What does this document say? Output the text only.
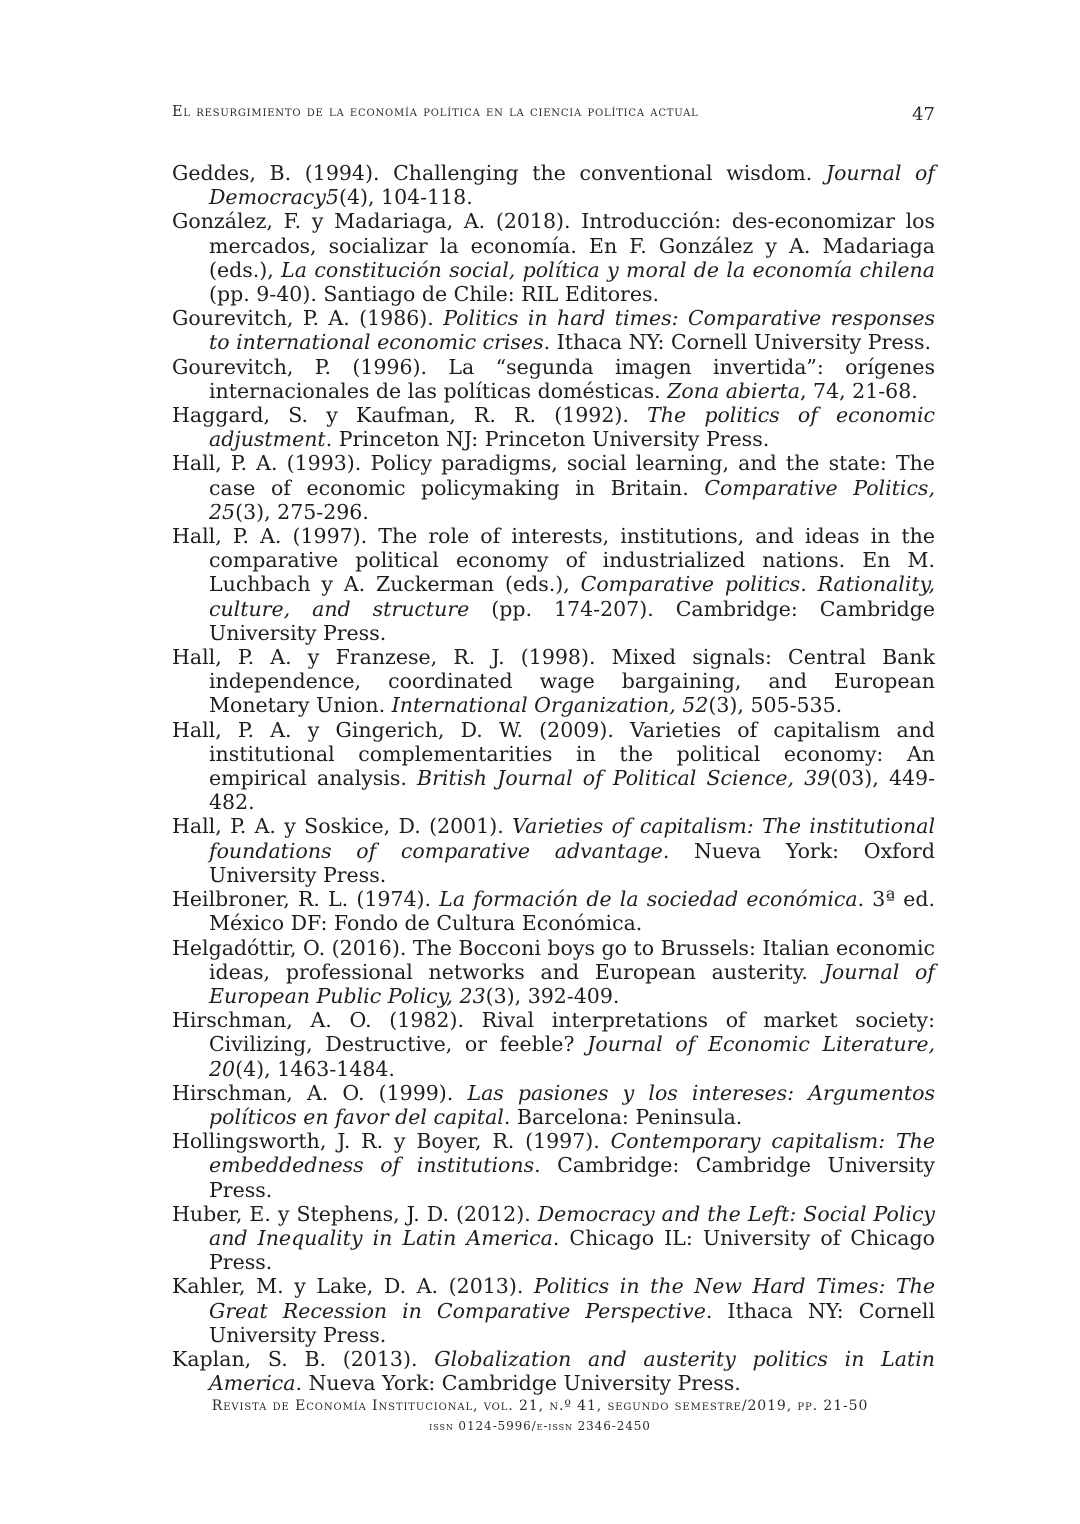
El resurgimiento de la economía política en la ciencia política actual	47
Geddes, B. (1994). Challenging the conventional wisdom. Journal of Democracy5(4), 104-118.
González, F. y Madariaga, A. (2018). Introducción: des-economizar los mercados, socializar la economía. En F. González y A. Madariaga (eds.), La constitución social, política y moral de la economía chilena (pp. 9-40). Santiago de Chile: RIL Editores.
Gourevitch, P. A. (1986). Politics in hard times: Comparative responses to international economic crises. Ithaca NY: Cornell University Press.
Gourevitch, P. (1996). La “segunda imagen invertida”: orígenes internacionales de las políticas domésticas. Zona abierta, 74, 21-68.
Haggard, S. y Kaufman, R. R. (1992). The politics of economic adjustment. Princeton NJ: Princeton University Press.
Hall, P. A. (1993). Policy paradigms, social learning, and the state: The case of economic policymaking in Britain. Comparative Politics, 25(3), 275-296.
Hall, P. A. (1997). The role of interests, institutions, and ideas in the comparative political economy of industrialized nations. En M. Luchbach y A. Zuckerman (eds.), Comparative politics. Rationality, culture, and structure (pp. 174-207). Cambridge: Cambridge University Press.
Hall, P. A. y Franzese, R. J. (1998). Mixed signals: Central Bank independence, coordinated wage bargaining, and European Monetary Union. International Organization, 52(3), 505-535.
Hall, P. A. y Gingerich, D. W. (2009). Varieties of capitalism and institutional complementarities in the political economy: An empirical analysis. British Journal of Political Science, 39(03), 449-482.
Hall, P. A. y Soskice, D. (2001). Varieties of capitalism: The institutional foundations of comparative advantage. Nueva York: Oxford University Press.
Heilbroner, R. L. (1974). La formación de la sociedad económica. 3ª ed. México DF: Fondo de Cultura Económica.
Helgadóttir, O. (2016). The Bocconi boys go to Brussels: Italian economic ideas, professional networks and European austerity. Journal of European Public Policy, 23(3), 392-409.
Hirschman, A. O. (1982). Rival interpretations of market society: Civilizing, Destructive, or feeble? Journal of Economic Literature, 20(4), 1463-1484.
Hirschman, A. O. (1999). Las pasiones y los intereses: Argumentos políticos en favor del capital. Barcelona: Peninsula.
Hollingsworth, J. R. y Boyer, R. (1997). Contemporary capitalism: The embeddedness of institutions. Cambridge: Cambridge University Press.
Huber, E. y Stephens, J. D. (2012). Democracy and the Left: Social Policy and Inequality in Latin America. Chicago IL: University of Chicago Press.
Kahler, M. y Lake, D. A. (2013). Politics in the New Hard Times: The Great Recession in Comparative Perspective. Ithaca NY: Cornell University Press.
Kaplan, S. B. (2013). Globalization and austerity politics in Latin America. Nueva York: Cambridge University Press.
Revista de Economía Institucional, vol. 21, n.º 41, segundo semestre/2019, pp. 21-50
issn 0124-5996/e-issn 2346-2450
